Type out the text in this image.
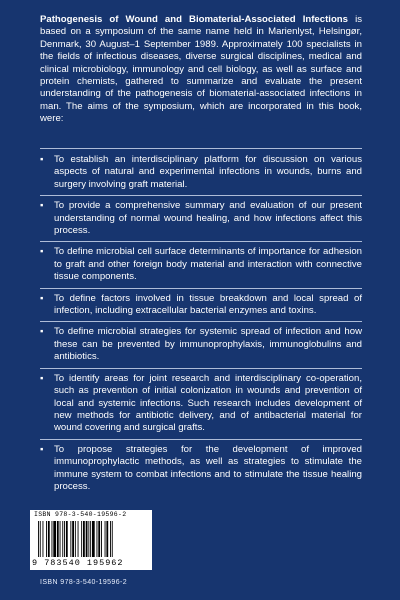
Pathogenesis of Wound and Biomaterial-Associated Infections is based on a symposium of the same name held in Marienlyst, Helsingør, Denmark, 30 August–1 September 1989. Approximately 100 specialists in the fields of infectious diseases, diverse surgical disciplines, medical and clinical microbiology, immunology and cell biology, as well as surface and protein chemists, gathered to summarize and evaluate the present understanding of the pathogenesis of biomaterial-associated infections in man. The aims of the symposium, which are incorporated in this book, were:
▪ To establish an interdisciplinary platform for discussion on various aspects of natural and experimental infections in wounds, burns and surgery involving graft material.
▪ To provide a comprehensive summary and evaluation of our present understanding of normal wound healing, and how infections affect this process.
▪ To define microbial cell surface determinants of importance for adhesion to graft and other foreign body material and interaction with connective tissue components.
▪ To define factors involved in tissue breakdown and local spread of infection, including extracellular bacterial enzymes and toxins.
▪ To define microbial strategies for systemic spread of infection and how these can be prevented by immunoprophylaxis, immunoglobulins and antibiotics.
▪ To identify areas for joint research and interdisciplinary co-operation, such as prevention of initial colonization in wounds and prevention of local and systemic infections. Such research includes development of new methods for antibiotic delivery, and of antibacterial material for wound covering and surgical grafts.
▪ To propose strategies for the development of improved immunoprophylactic methods, as well as strategies to stimulate the immune system to combat infections and to stimulate the tissue healing process.
ISBN 978-3-540-19596-2
9 783540 195962
ISBN 978-3-540-19596-2
